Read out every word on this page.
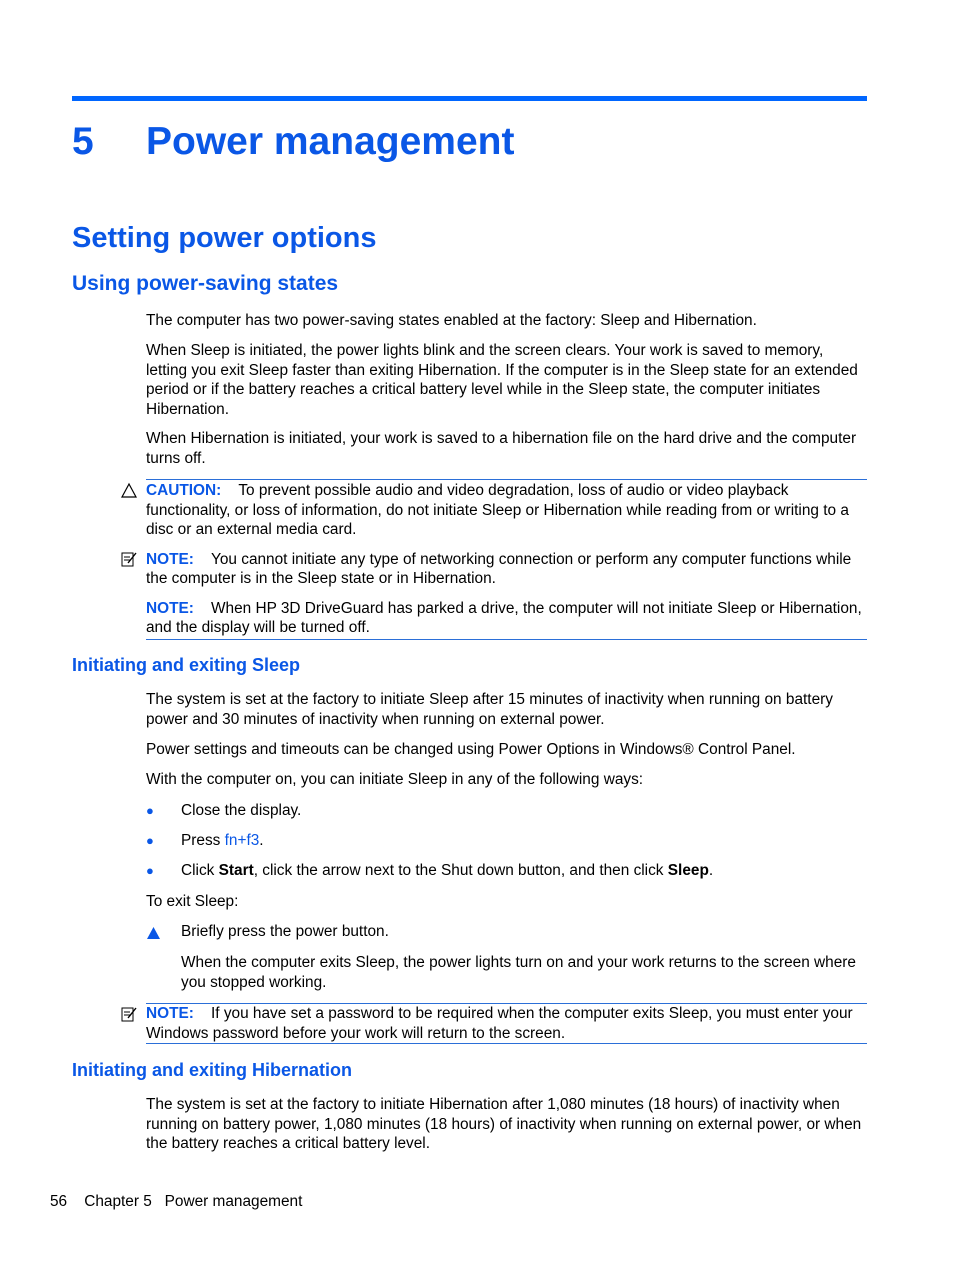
5 Power management
Setting power options
Using power-saving states

The computer has two power-saving states enabled at the factory: Sleep and Hibernation.

When Sleep is initiated, the power lights blink and the screen clears. Your work is saved to memory, letting you exit Sleep faster than exiting Hibernation. If the computer is in the Sleep state for an extended period or if the battery reaches a critical battery level while in the Sleep state, the computer initiates Hibernation.

When Hibernation is initiated, your work is saved to a hibernation file on the hard drive and the computer turns off.

CAUTION: To prevent possible audio and video degradation, loss of audio or video playback functionality, or loss of information, do not initiate Sleep or Hibernation while reading from or writing to a disc or an external media card.

NOTE: You cannot initiate any type of networking connection or perform any computer functions while the computer is in the Sleep state or in Hibernation.

NOTE: When HP 3D DriveGuard has parked a drive, the computer will not initiate Sleep or Hibernation, and the display will be turned off.

Initiating and exiting Sleep

The system is set at the factory to initiate Sleep after 15 minutes of inactivity when running on battery power and 30 minutes of inactivity when running on external power.

Power settings and timeouts can be changed using Power Options in Windows® Control Panel.

With the computer on, you can initiate Sleep in any of the following ways:

● Close the display.
● Press fn+f3.
● Click Start, click the arrow next to the Shut down button, and then click Sleep.

To exit Sleep:

Briefly press the power button.
When the computer exits Sleep, the power lights turn on and your work returns to the screen where you stopped working.

NOTE: If you have set a password to be required when the computer exits Sleep, you must enter your Windows password before your work will return to the screen.

Initiating and exiting Hibernation

The system is set at the factory to initiate Hibernation after 1,080 minutes (18 hours) of inactivity when running on battery power, 1,080 minutes (18 hours) of inactivity when running on external power, or when the battery reaches a critical battery level.

56 Chapter 5 Power management
